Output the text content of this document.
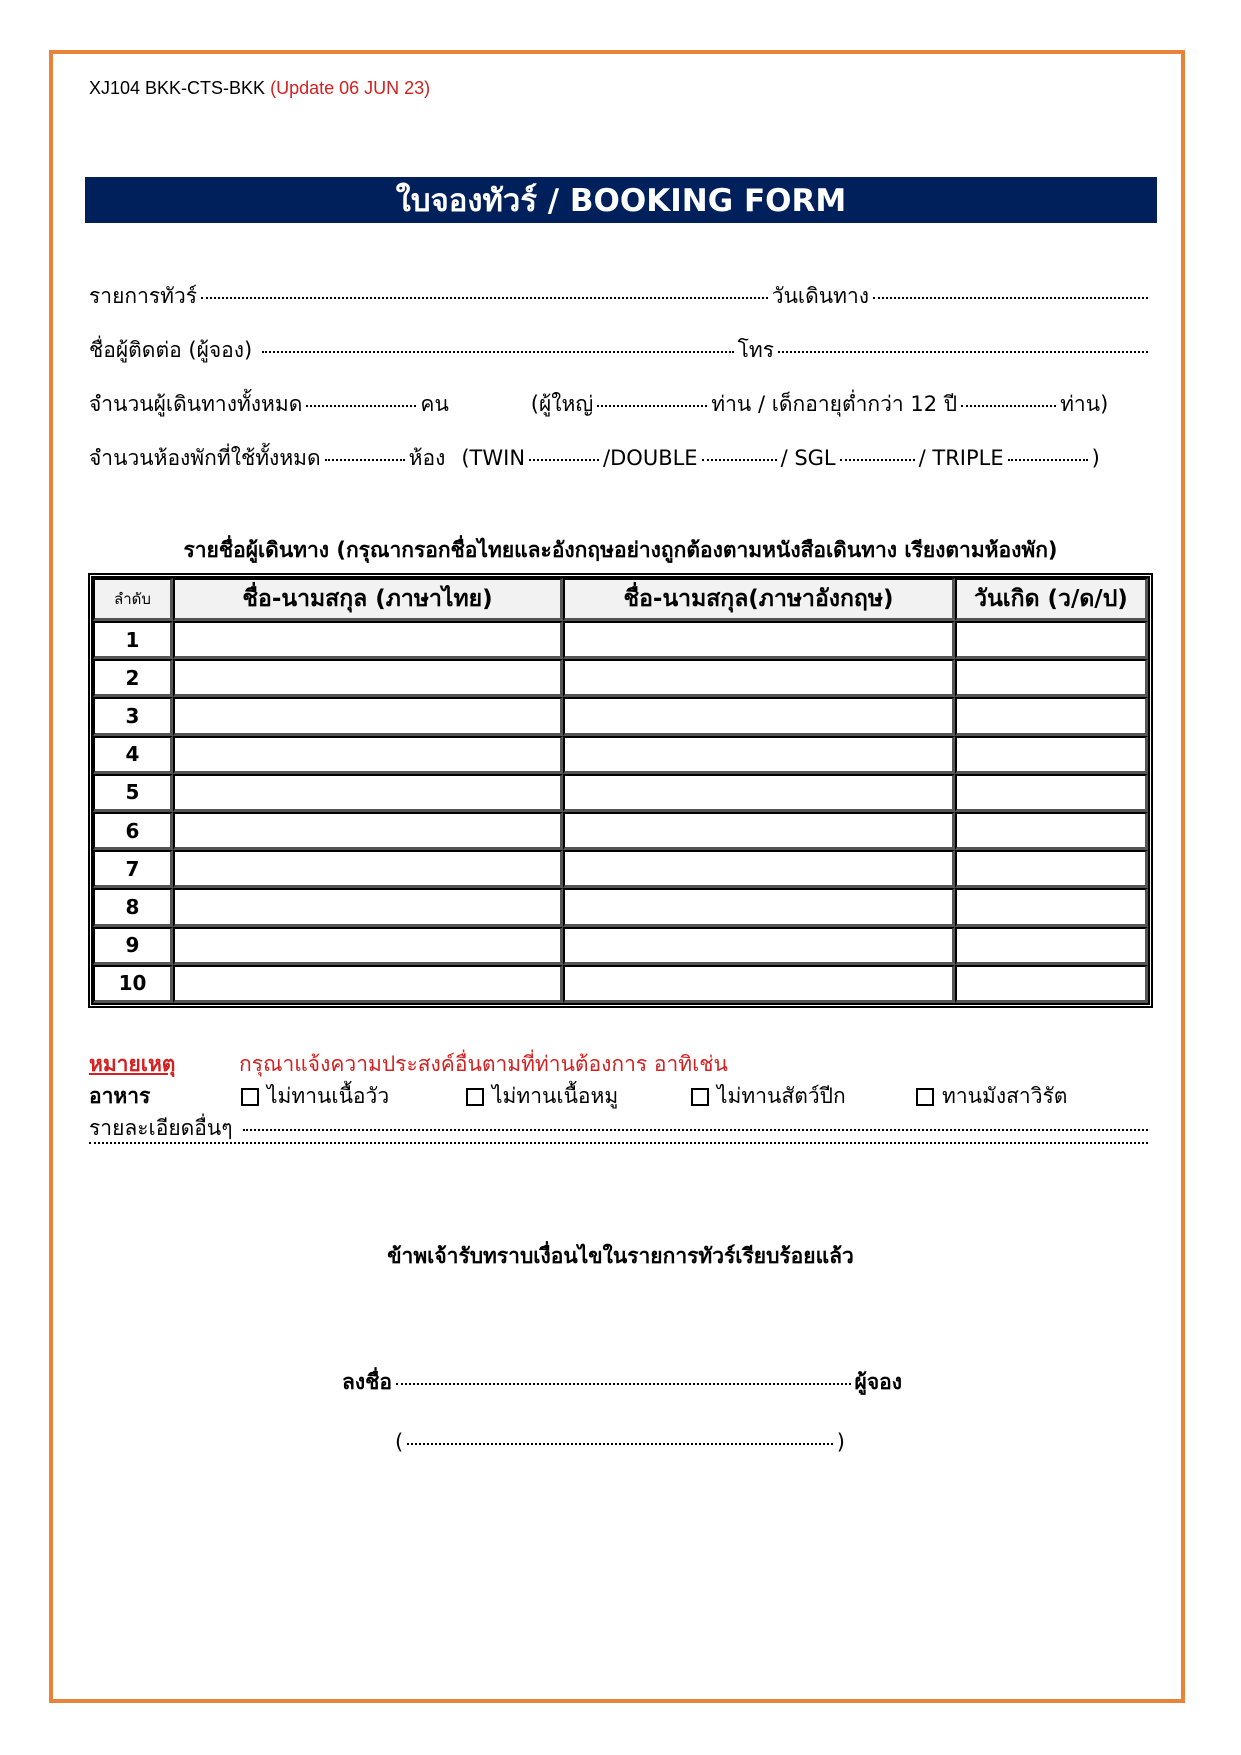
XJ104 BKK-CTS-BKK (Update 06 JUN 23)
ใบจองทัวร์ / BOOKING FORM
รายการทัวร์	วันเดินทาง
ชื่อผู้ติดต่อ (ผู้จอง)	โทร
จำนวนผู้เดินทางทั้งหมด	คน	(ผู้ใหญ่	ท่าน / เด็กอายุต่ำกว่า 12 ปี	ท่าน)
จำนวนห้องพักที่ใช้ทั้งหมด	ห้อง (TWIN	/DOUBLE	/ SGL	/ TRIPLE	)
รายชื่อผู้เดินทาง (กรุณากรอกชื่อไทยและอังกฤษอย่างถูกต้องตามหนังสือเดินทาง เรียงตามห้องพัก)
ลำดับ	ชื่อ-นามสกุล (ภาษาไทย)	ชื่อ-นามสกุล(ภาษาอังกฤษ)	วันเกิด (ว/ด/ป)
1			
2			
3			
4			
5			
6			
7			
8			
9			
10			
หมายเหตุ	กรุณาแจ้งความประสงค์อื่นตามที่ท่านต้องการ อาทิเช่น
อาหาร	ไม่ทานเนื้อวัว	ไม่ทานเนื้อหมู	ไม่ทานสัตว์ปีก	ทานมังสาวิรัต
รายละเอียดอื่นๆ
ข้าพเจ้ารับทราบเงื่อนไขในรายการทัวร์เรียบร้อยแล้ว
ลงชื่อ	ผู้จอง
(	)
